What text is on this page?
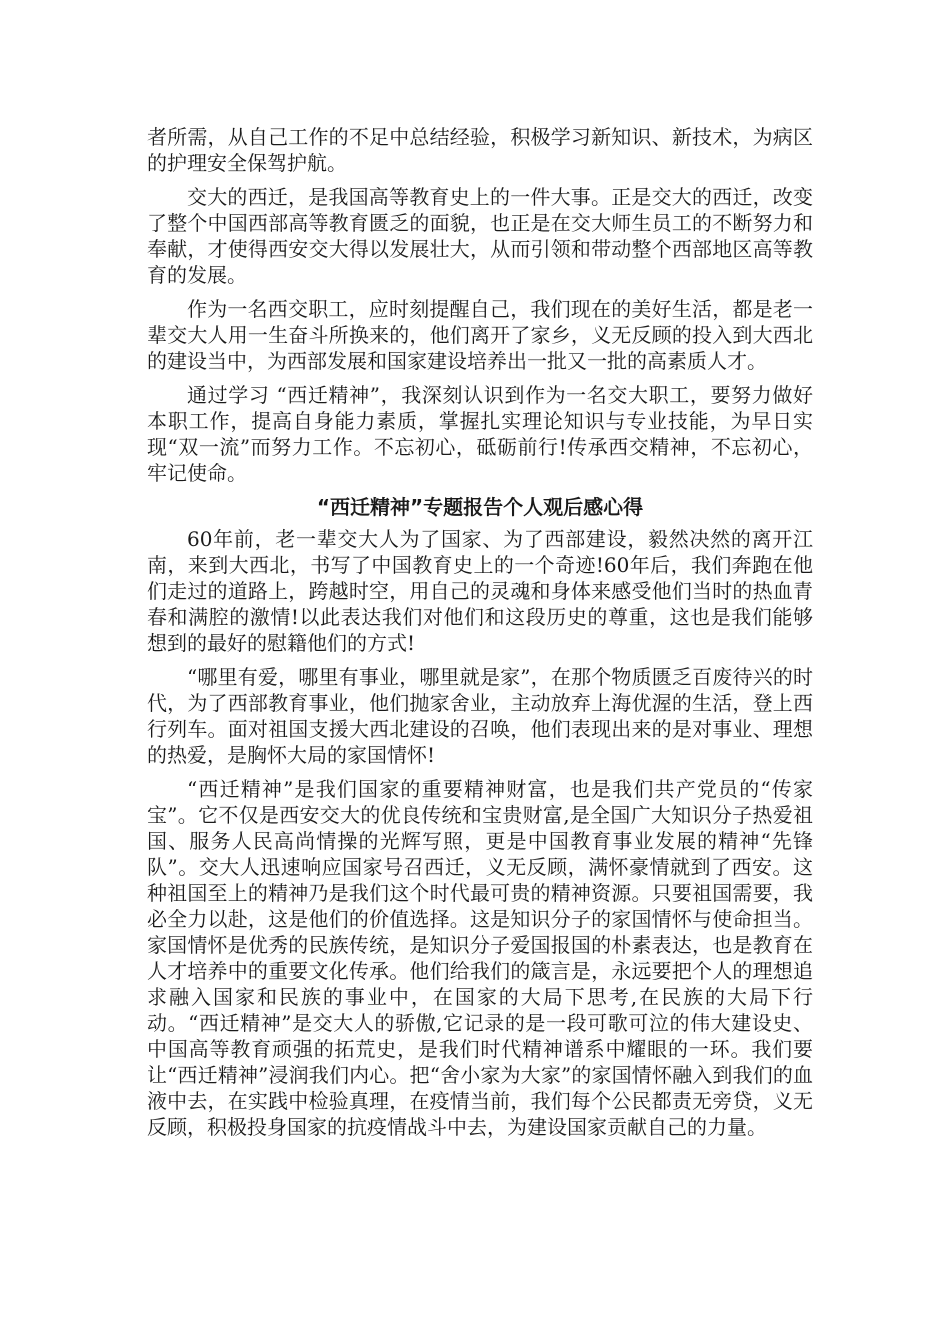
者所需，从自己工作的不足中总结经验，积极学习新知识、新技术，为病区的护理安全保驾护航。

交大的西迁，是我国高等教育史上的一件大事。正是交大的西迁，改变了整个中国西部高等教育匮乏的面貌，也正是在交大师生员工的不断努力和奉献，才使得西安交大得以发展壮大，从而引领和带动整个西部地区高等教育的发展。

作为一名西交职工，应时刻提醒自己，我们现在的美好生活，都是老一辈交大人用一生奋斗所换来的，他们离开了家乡，义无反顾的投入到大西北的建设当中，为西部发展和国家建设培养出一批又一批的高素质人才。

通过学习 “西迁精神”，我深刻认识到作为一名交大职工，要努力做好本职工作，提高自身能力素质，掌握扎实理论知识与专业技能，为早日实现“双一流”而努力工作。不忘初心，砥砺前行!传承西交精神，不忘初心，牢记使命。

“西迁精神”专题报告个人观后感心得

60年前，老一辈交大人为了国家、为了西部建设，毅然决然的离开江南，来到大西北，书写了中国教育史上的一个奇迹!60年后，我们奔跑在他们走过的道路上，跨越时空，用自己的灵魂和身体来感受他们当时的热血青春和满腔的激情!以此表达我们对他们和这段历史的尊重，这也是我们能够想到的最好的慰籍他们的方式!

“哪里有爱，哪里有事业，哪里就是家”，在那个物质匮乏百废待兴的时代，为了西部教育事业，他们抛家舍业，主动放弃上海优渥的生活，登上西行列车。面对祖国支援大西北建设的召唤，他们表现出来的是对事业、理想的热爱，是胸怀大局的家国情怀!

“西迁精神”是我们国家的重要精神财富，也是我们共产党员的“传家宝”。它不仅是西安交大的优良传统和宝贵财富,是全国广大知识分子热爱祖国、服务人民高尚情操的光辉写照，更是中国教育事业发展的精神“先锋队”。交大人迅速响应国家号召西迁，义无反顾，满怀豪情就到了西安。这种祖国至上的精神乃是我们这个时代最可贵的精神资源。只要祖国需要，我必全力以赴，这是他们的价值选择。这是知识分子的家国情怀与使命担当。家国情怀是优秀的民族传统，是知识分子爱国报国的朴素表达，也是教育在人才培养中的重要文化传承。他们给我们的箴言是，永远要把个人的理想追求融入国家和民族的事业中，在国家的大局下思考,在民族的大局下行动。“西迁精神”是交大人的骄傲,它记录的是一段可歌可泣的伟大建设史、中国高等教育顽强的拓荒史，是我们时代精神谱系中耀眼的一环。我们要让“西迁精神”浸润我们内心。把“舍小家为大家”的家国情怀融入到我们的血液中去，在实践中检验真理，在疫情当前，我们每个公民都责无旁贷，义无反顾，积极投身国家的抗疫情战斗中去，为建设国家贡献自己的力量。
